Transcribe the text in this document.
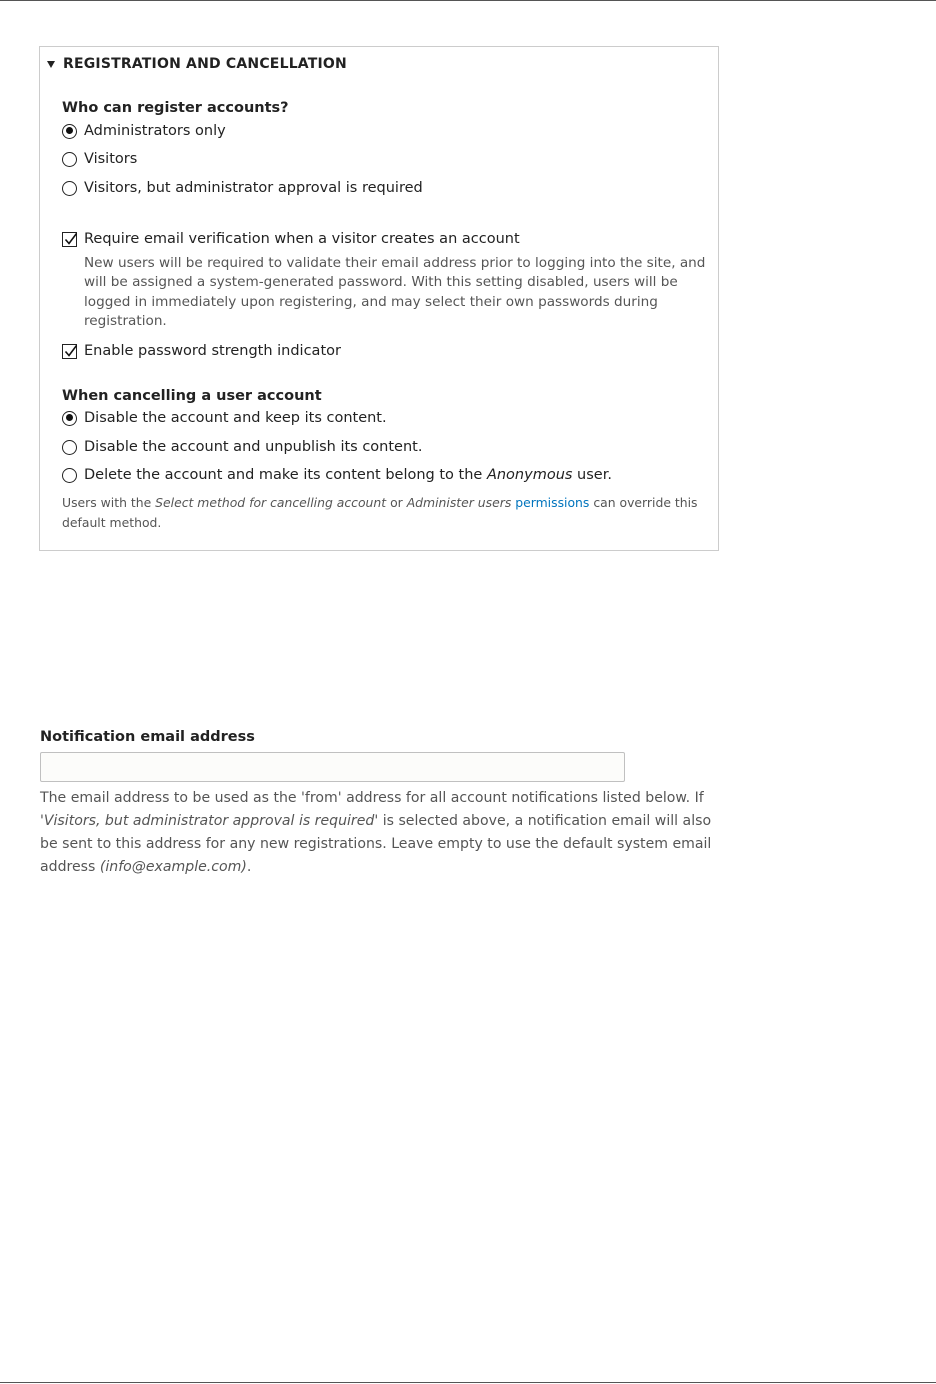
REGISTRATION AND CANCELLATION
Who can register accounts?
Administrators only
Visitors
Visitors, but administrator approval is required
Require email verification when a visitor creates an account
New users will be required to validate their email address prior to logging into the site, and will be assigned a system-generated password. With this setting disabled, users will be logged in immediately upon registering, and may select their own passwords during registration.
Enable password strength indicator
When cancelling a user account
Disable the account and keep its content.
Disable the account and unpublish its content.
Delete the account and make its content belong to the Anonymous user.
Users with the Select method for cancelling account or Administer users permissions can override this default method.
Notification email address
The email address to be used as the 'from' address for all account notifications listed below. If 'Visitors, but administrator approval is required' is selected above, a notification email will also be sent to this address for any new registrations. Leave empty to use the default system email address (info@example.com).
